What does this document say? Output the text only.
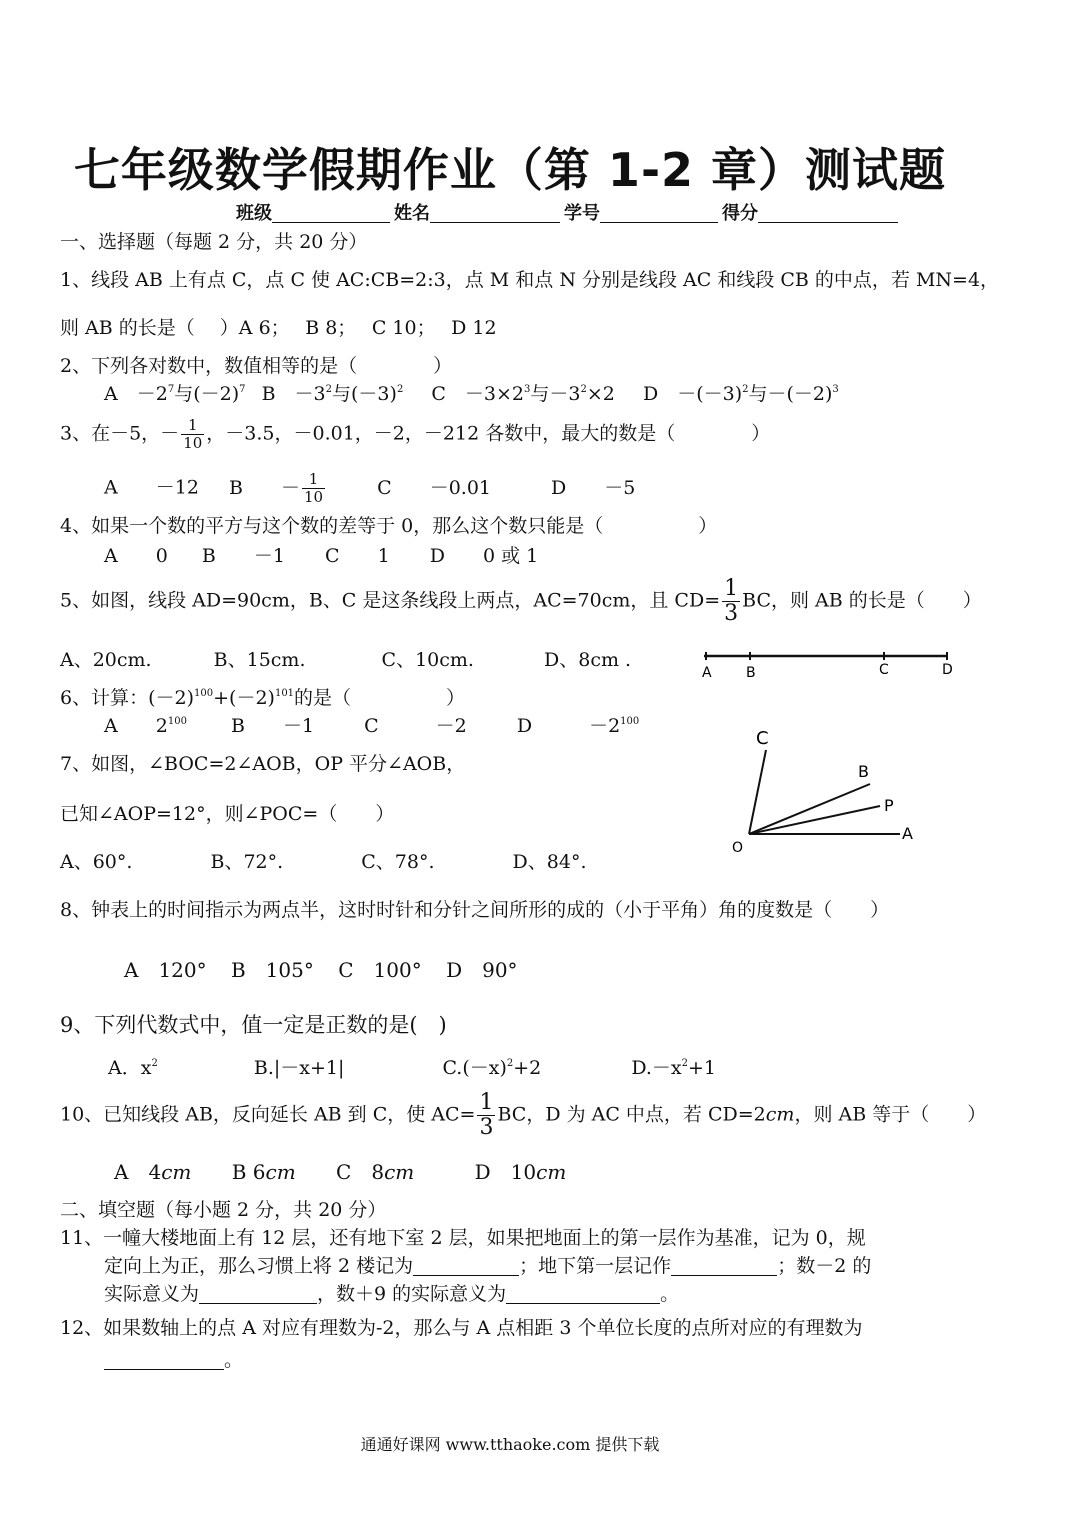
七年级数学假期作业（第 1-2 章）测试题
班级	姓名	学号	得分
一、选择题（每题 2 分，共 20 分）
1、线段 AB 上有点 C，点 C 使 AC:CB=2:3，点 M 和点 N 分别是线段 AC 和线段 CB 的中点，若 MN=4，
则 AB 的长是（　 ）A 6；　 B 8；　 C 10；　 D 12
2、下列各对数中，数值相等的是（　　　　）
A　 $-2^7$与$(-2)^7$ B　 $-3^2$与$(-3)^2$ C　 $-3\times 2^3$与$-3^2\times 2$ D　 $-(-3)^2$与$-(-2)^3$
3、在－5，－ $\frac{1}{10}$ ，－3.5，－0.01，－2，－212 各数中，最大的数是（　　　　）
A　　 －12 B　　 － $\frac{1}{10}$	C　　 －0.01	D　　 －5
4、如果一个数的平方与这个数的差等于 0，那么这个数只能是（　　　　　）
A　　 0 B　　 －1 C　　 1 D　　 0 或 1
5、如图，线段 AD=90cm，B、C 是这条线段上两点，AC=70cm，且 $CD= \frac{1}{3}$ BC，则 AB 的长是（　　）
A、20cm.	B、15cm.	C、10cm.	D、8cm .
A B	C	D
6、计算：$(-2)^{100}+(-2)^{101}$的是（　　　　　）
A　　 $2^{100}$ B　　 －1	C　　　	－2	D　　　	$-2^{100}$
7、如图，∠BOC=2∠AOB，OP 平分∠AOB，
已知∠AOP=12°，则∠POC=（　　）
A、60°.	B、72°.	C、78°.	D、84°.
C
B
P
A
O
8、钟表上的时间指示为两点半，这时时针和分针之间所形的成的（小于平角）角的度数是（　　）
A　120° B　105° C　100° D　90°
9、下列代数式中，值一定是正数的是(　)
A．$x^2$	B.|－x+1|	$C.(-x)^2+2$	$D.-x^2+1$
10、已知线段 AB，反向延长 AB 到 C，使 $AC= \frac{1}{3}$ BC，D 为 AC 中点，若 CD=2cm，则 AB 等于（　　）
A　 4cm B 6cm C　 8cm	D　 10cm
二、填空题（每小题 2 分，共 20 分）
11、一幢大楼地面上有 12 层，还有地下室 2 层，如果把地面上的第一层作为基准，记为 0，规
定向上为正，那么习惯上将 2 楼记为	；地下第一层记作	；数－2 的
实际意义为	，数＋9 的实际意义为	。
12、如果数轴上的点 A 对应有理数为-2，那么与 A 点相距 3 个单位长度的点所对应的有理数为
。
通通好课网 www.tthaoke.com 提供下载
